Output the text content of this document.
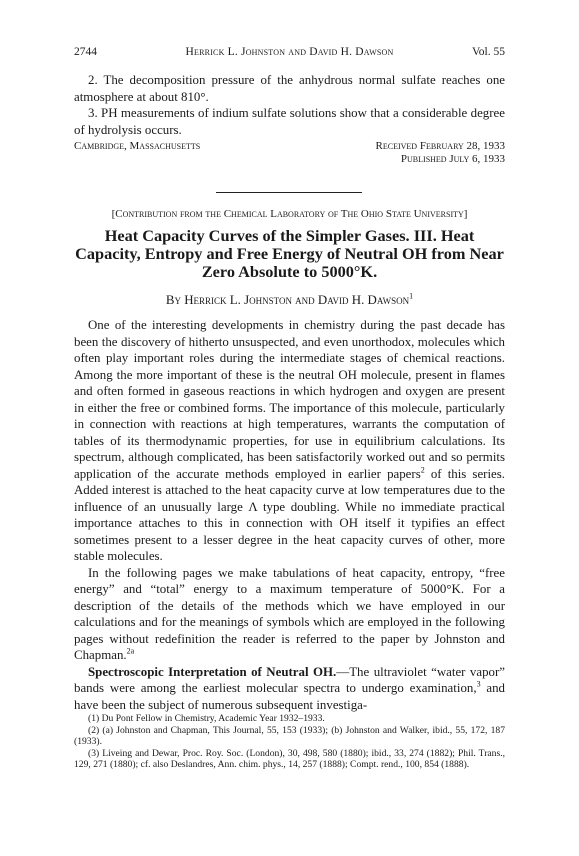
2744	Herrick L. Johnston and David H. Dawson	Vol. 55

2. The decomposition pressure of the anhydrous normal sulfate reaches one atmosphere at about 810°.

3. PH measurements of indium sulfate solutions show that a considerable degree of hydrolysis occurs.

Cambridge, Massachusetts	Received February 28, 1933
Published July 6, 1933
[Contribution from the Chemical Laboratory of The Ohio State University]

Heat Capacity Curves of the Simpler Gases. III. Heat Capacity, Entropy and Free Energy of Neutral OH from Near Zero Absolute to 5000°K.

By Herrick L. Johnston and David H. Dawson$^1$

One of the interesting developments in chemistry during the past decade has been the discovery of hitherto unsuspected, and even unorthodox, molecules which often play important roles during the intermediate stages of chemical reactions. Among the more important of these is the neutral OH molecule, present in flames and often formed in gaseous reactions in which hydrogen and oxygen are present in either the free or combined forms. The importance of this molecule, particularly in connection with reactions at high temperatures, warrants the computation of tables of its thermodynamic properties, for use in equilibrium calculations. Its spectrum, although complicated, has been satisfactorily worked out and so permits application of the accurate methods employed in earlier papers$^2$ of this series. Added interest is attached to the heat capacity curve at low temperatures due to the influence of an unusually large Λ type doubling. While no immediate practical importance attaches to this in connection with OH itself it typifies an effect sometimes present to a lesser degree in the heat capacity curves of other, more stable molecules.

In the following pages we make tabulations of heat capacity, entropy, “free energy” and “total” energy to a maximum temperature of 5000°K. For a description of the details of the methods which we have employed in our calculations and for the meanings of symbols which are employed in the following pages without redefinition the reader is referred to the paper by Johnston and Chapman.$^{2a}$

Spectroscopic Interpretation of Neutral OH.—The ultraviolet “water vapor” bands were among the earliest molecular spectra to undergo examination,$^3$ and have been the subject of numerous subsequent investiga-

(1) Du Pont Fellow in Chemistry, Academic Year 1932–1933.

(2) (a) Johnston and Chapman, This Journal, 55, 153 (1933); (b) Johnston and Walker, ibid., 55, 172, 187 (1933).

(3) Liveing and Dewar, Proc. Roy. Soc. (London), 30, 498, 580 (1880); ibid., 33, 274 (1882); Phil. Trans., 129, 271 (1880); cf. also Deslandres, Ann. chim. phys., 14, 257 (1888); Compt. rend., 100, 854 (1888).
